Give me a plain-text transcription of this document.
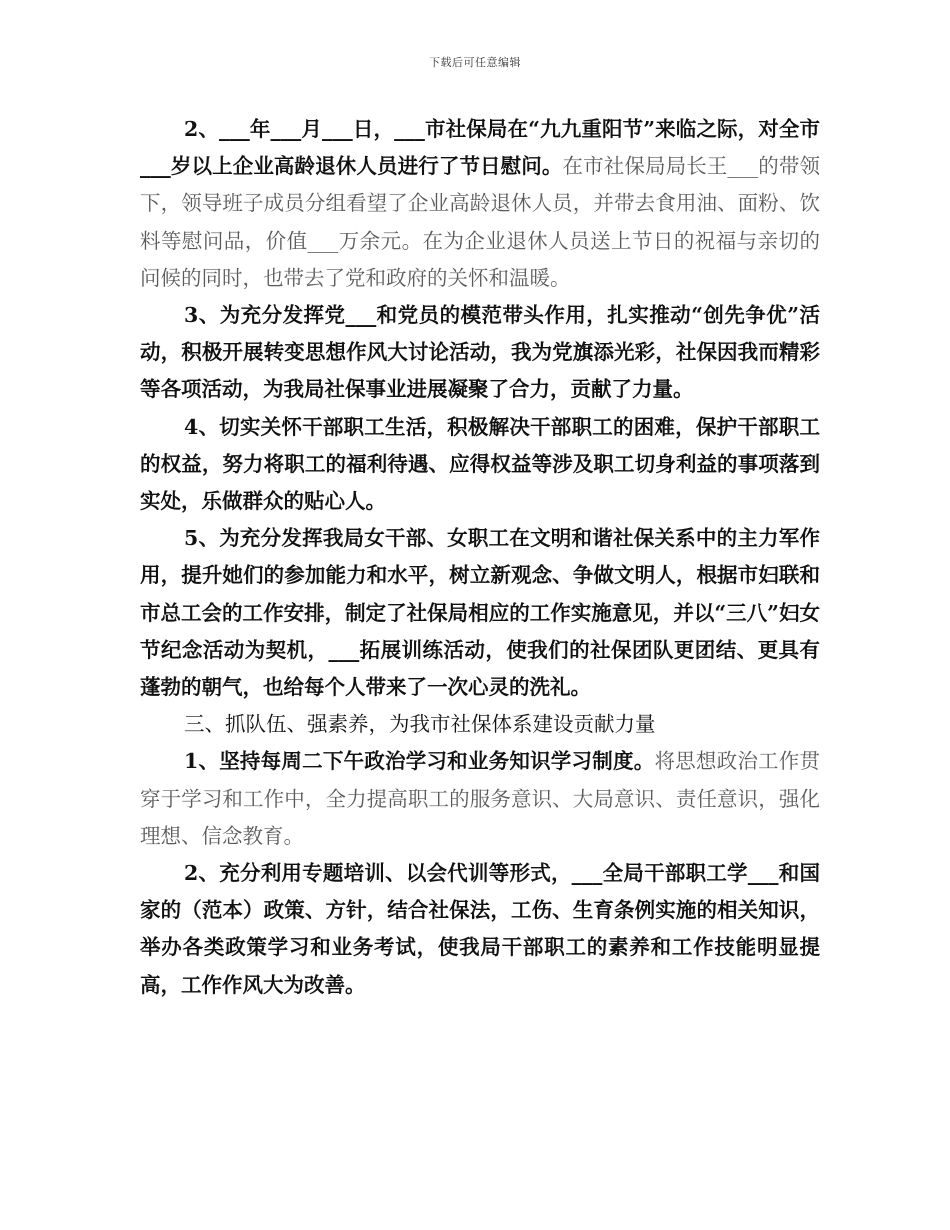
下载后可任意编辑

2、___年___月___日，___市社保局在“九九重阳节”来临之际，对全市___岁以上企业高龄退休人员进行了节日慰问。在市社保局局长王___的带领下，领导班子成员分组看望了企业高龄退休人员，并带去食用油、面粉、饮料等慰问品，价值___万余元。在为企业退休人员送上节日的祝福与亲切的问候的同时，也带去了党和政府的关怀和温暖。

3、为充分发挥党___和党员的模范带头作用，扎实推动“创先争优”活动，积极开展转变思想作风大讨论活动，我为党旗添光彩，社保因我而精彩等各项活动，为我局社保事业进展凝聚了合力，贡献了力量。

4、切实关怀干部职工生活，积极解决干部职工的困难，保护干部职工的权益，努力将职工的福利待遇、应得权益等涉及职工切身利益的事项落到实处，乐做群众的贴心人。

5、为充分发挥我局女干部、女职工在文明和谐社保关系中的主力军作用，提升她们的参加能力和水平，树立新观念、争做文明人，根据市妇联和市总工会的工作安排，制定了社保局相应的工作实施意见，并以“三八”妇女节纪念活动为契机，___拓展训练活动，使我们的社保团队更团结、更具有蓬勃的朝气，也给每个人带来了一次心灵的洗礼。

三、抓队伍、强素养，为我市社保体系建设贡献力量

1、坚持每周二下午政治学习和业务知识学习制度。将思想政治工作贯穿于学习和工作中，全力提高职工的服务意识、大局意识、责任意识，强化理想、信念教育。

2、充分利用专题培训、以会代训等形式，___全局干部职工学___和国家的（范本）政策、方针，结合社保法，工伤、生育条例实施的相关知识，举办各类政策学习和业务考试，使我局干部职工的素养和工作技能明显提高，工作作风大为改善。
